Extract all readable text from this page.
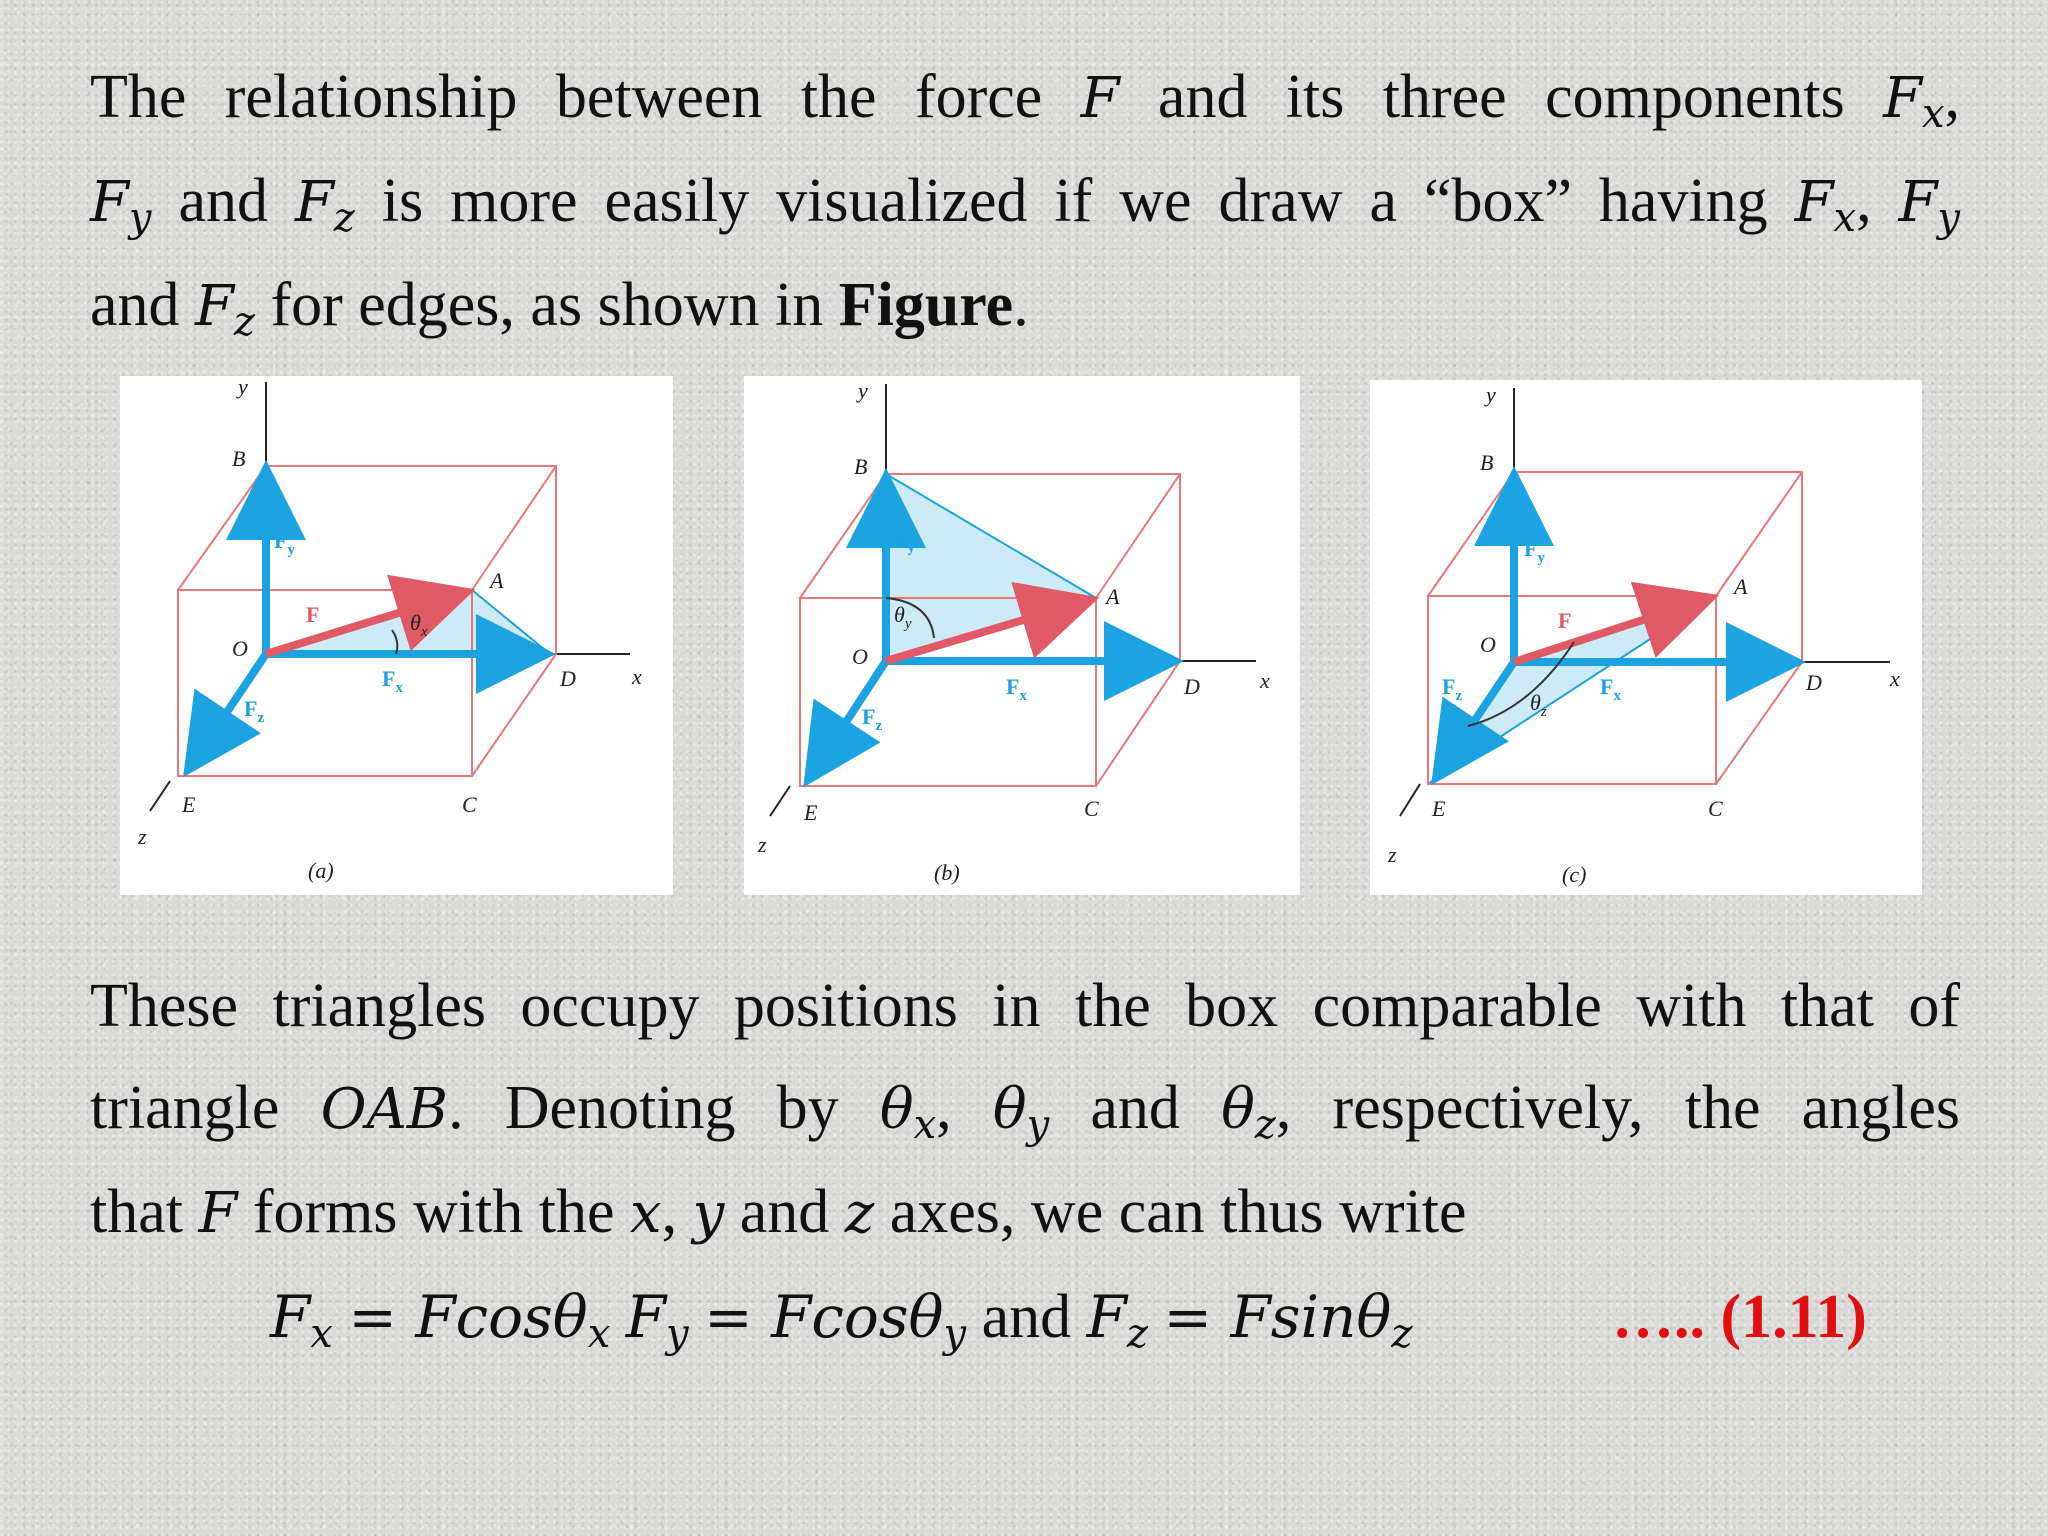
The relationship between the force F and its three components $F_x$,
$F_y$ and $F_z$ is more easily visualized if we draw a “box” having $F_x$, $F_y$
and $F_z$ for edges, as shown in Figure.
y
x
z
B
O
A
D
E	C
$F_y$
$F_x$
$F_z$
F	$\theta_x$
(a)
y
x
z
B
O
A
D
E	C
$F_y$
$F_x$
$F_z$
F
$\theta_y$
(b)
y
x
z
B
O
A
D
E	C
$F_y$
$F_x$
$F_z$
F
$\theta_z$
(c)
These triangles occupy positions in the box comparable with that of
triangle OAB. Denoting by $\theta_x$, $\theta_y$ and $\theta_z$, respectively, the angles
that F forms with the x, y and z axes, we can thus write
$F_x = Fcos\theta_x$ $F_y = Fcos\theta_y$ and $F_z = Fsin\theta_z$	….. (1.11)
